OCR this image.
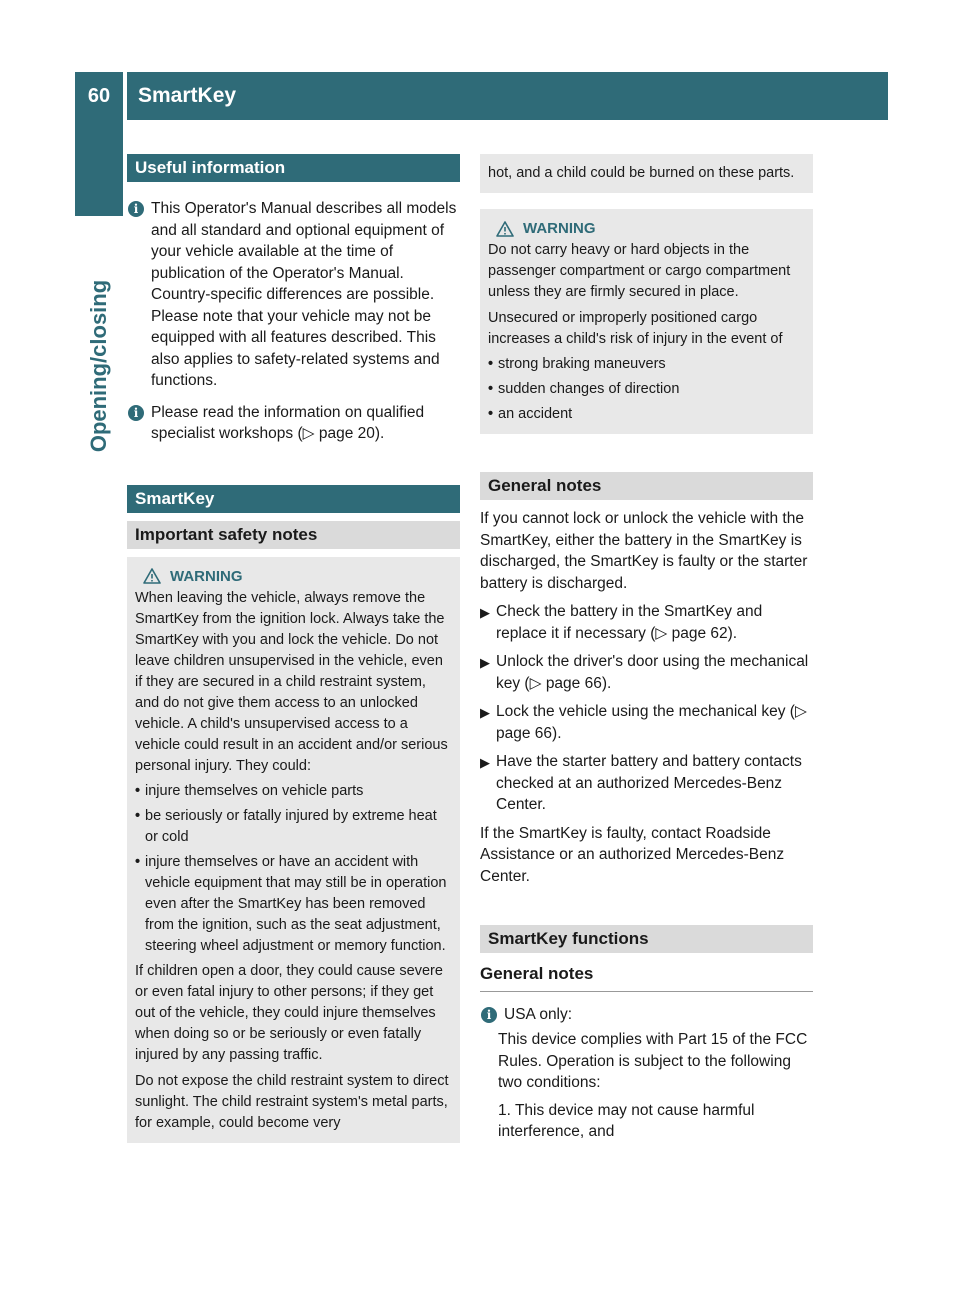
60	SmartKey
Opening/closing
Useful information
i This Operator's Manual describes all models and all standard and optional equipment of your vehicle available at the time of publication of the Operator's Manual. Country-specific differences are possible. Please note that your vehicle may not be equipped with all features described. This also applies to safety-related systems and functions.
i Please read the information on qualified specialist workshops (▷ page 20).
SmartKey
Important safety notes
WARNING

When leaving the vehicle, always remove the SmartKey from the ignition lock. Always take the SmartKey with you and lock the vehicle. Do not leave children unsupervised in the vehicle, even if they are secured in a child restraint system, and do not give them access to an unlocked vehicle. A child's unsupervised access to a vehicle could result in an accident and/or serious personal injury. They could:

• injure themselves on vehicle parts
• be seriously or fatally injured by extreme heat or cold
• injure themselves or have an accident with vehicle equipment that may still be in operation even after the SmartKey has been removed from the ignition, such as the seat adjustment, steering wheel adjustment or memory function.

If children open a door, they could cause severe or even fatal injury to other persons; if they get out of the vehicle, they could injure themselves when doing so or be seriously or even fatally injured by any passing traffic.

Do not expose the child restraint system to direct sunlight. The child restraint system's metal parts, for example, could become very

hot, and a child could be burned on these parts.

WARNING

Do not carry heavy or hard objects in the passenger compartment or cargo compartment unless they are firmly secured in place.

Unsecured or improperly positioned cargo increases a child's risk of injury in the event of

• strong braking maneuvers
• sudden changes of direction
• an accident
General notes

If you cannot lock or unlock the vehicle with the SmartKey, either the battery in the SmartKey is discharged, the SmartKey is faulty or the starter battery is discharged.

▶ Check the battery in the SmartKey and replace it if necessary (▷ page 62).
▶ Unlock the driver's door using the mechanical key (▷ page 66).
▶ Lock the vehicle using the mechanical key (▷ page 66).
▶ Have the starter battery and battery contacts checked at an authorized Mercedes-Benz Center.

If the SmartKey is faulty, contact Roadside Assistance or an authorized Mercedes-Benz Center.

SmartKey functions
General notes
i USA only:
This device complies with Part 15 of the FCC Rules. Operation is subject to the following two conditions:
1. This device may not cause harmful interference, and
